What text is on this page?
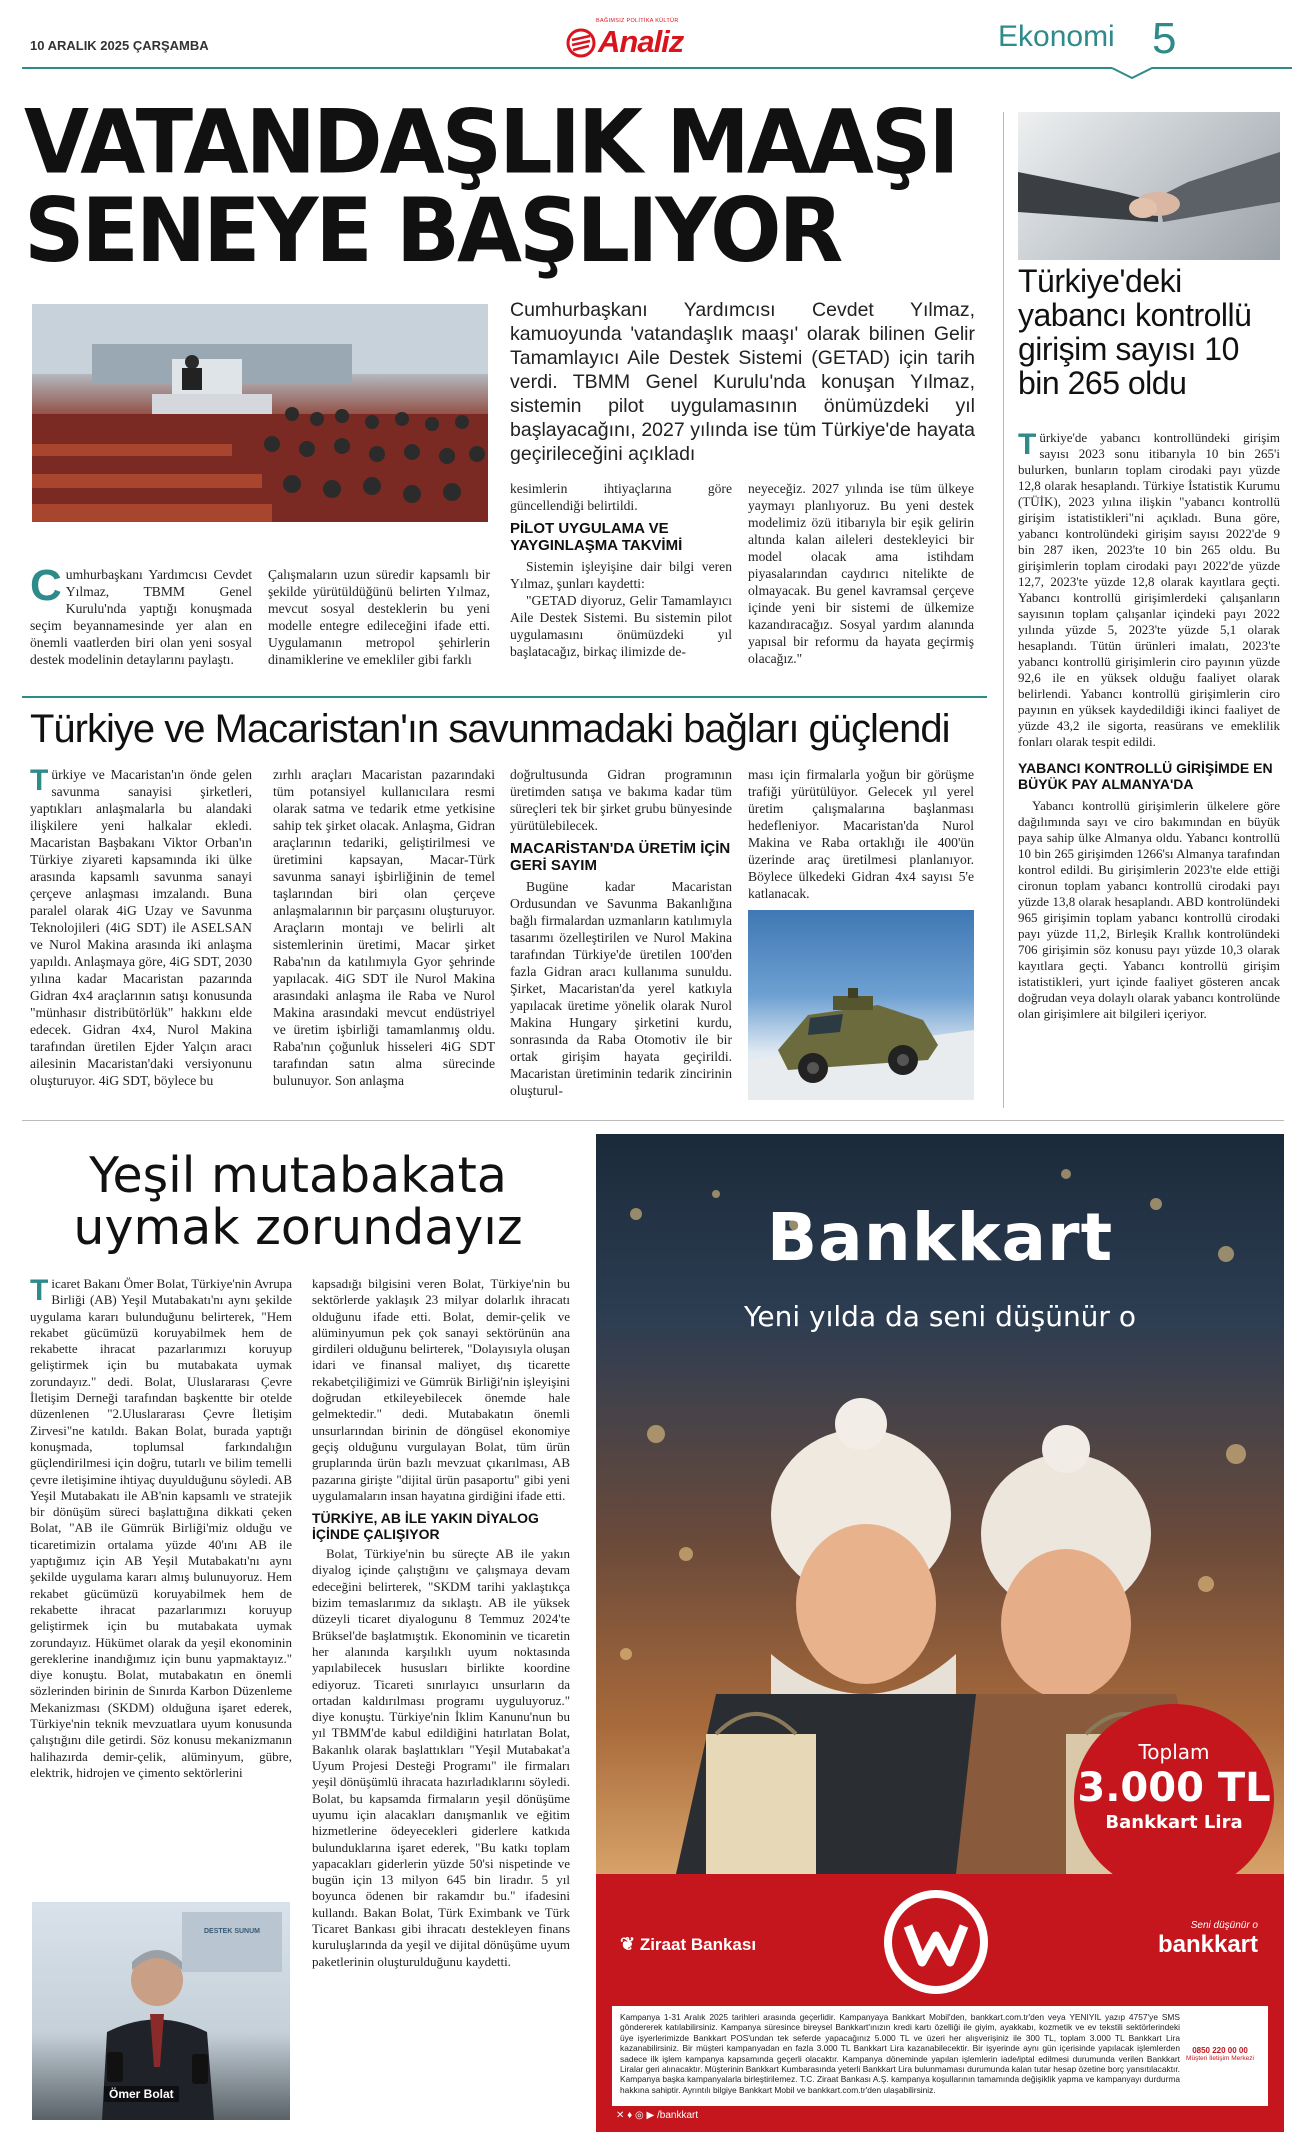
10 ARALIK 2025 ÇARŞAMBA
BAĞIMSIZ POLİTİKA KÜLTÜR
Analiz	Ekonomi 5
VATANDAŞLIK MAAŞI
SENEYE BAŞLIYOR
Cumhurbaşkanı Yardımcısı Cevdet Yılmaz, kamuoyunda 'vatandaşlık maaşı' olarak bilinen Gelir Tamamlayıcı Aile Destek Sistemi (GETAD) için tarih verdi. TBMM Genel Kurulu'nda konuşan Yılmaz, sistemin pilot uygulamasının önümüzdeki yıl başlayacağını, 2027 yılında ise tüm Türkiye'de hayata geçirileceğini açıkladı
C umhurbaşkanı Yardımcısı Cevdet Yılmaz, TBMM Genel Kurulu'nda yaptığı konuşmada seçim beyannamesinde yer alan en önemli vaatlerden biri olan yeni sosyal destek modelinin detaylarını paylaştı.
Çalışmaların uzun süredir kapsamlı bir şekilde yürütüldüğünü belirten Yılmaz, mevcut sosyal desteklerin bu yeni modelle entegre edileceğini ifade etti. Uygulamanın metropol şehirlerin dinamiklerine ve emekliler gibi farklı

kesimlerin ihtiyaçlarına göre güncellendiği belirtildi.

PİLOT UYGULAMA VE YAYGINLAŞMA TAKVİMİ

Sistemin işleyişine dair bilgi veren Yılmaz, şunları kaydetti:

"GETAD diyoruz, Gelir Tamamlayıcı Aile Destek Sistemi. Bu sistemin pilot uygulamasını önümüzdeki yıl başlatacağız, birkaç ilimizde de-

neyeceğiz. 2027 yılında ise tüm ülkeye yaymayı planlıyoruz. Bu yeni destek modelimiz özü itibarıyla bir eşik gelirin altında kalan aileleri destekleyici bir model olacak ama istihdam piyasalarından caydırıcı nitelikte de olmayacak. Bu genel kavramsal çerçeve içinde yeni bir sistemi de ülkemize kazandıracağız. Sosyal yardım alanında yapısal bir reformu da hayata geçirmiş olacağız."
Türkiye'deki yabancı kontrollü girişim sayısı 10 bin 265 oldu
T ürkiye'de yabancı kontrollündeki girişim sayısı 2023 sonu itibarıyla 10 bin 265'i bulurken, bunların toplam cirodaki payı yüzde 12,8 olarak hesaplandı. Türkiye İstatistik Kurumu (TÜİK), 2023 yılına ilişkin "yabancı kontrollü girişim istatistikleri"ni açıkladı. Buna göre, yabancı kontrolündeki girişim sayısı 2022'de 9 bin 287 iken, 2023'te 10 bin 265 oldu. Bu girişimlerin toplam cirodaki payı 2022'de yüzde 12,7, 2023'te yüzde 12,8 olarak kayıtlara geçti. Yabancı kontrollü girişimlerdeki çalışanların sayısının toplam çalışanlar içindeki payı 2022 yılında yüzde 5, 2023'te yüzde 5,1 olarak hesaplandı. Tütün ürünleri imalatı, 2023'te yabancı kontrollü girişimlerin ciro payının yüzde 92,6 ile en yüksek olduğu faaliyet olarak belirlendi. Yabancı kontrollü girişimlerin ciro payının en yüksek kaydedildiği ikinci faaliyet de yüzde 43,2 ile sigorta, reasürans ve emeklilik fonları olarak tespit edildi.
YABANCI KONTROLLÜ GİRİŞİMDE EN BÜYÜK PAY ALMANYA'DA

Yabancı kontrollü girişimlerin ülkelere göre dağılımında sayı ve ciro bakımından en büyük paya sahip ülke Almanya oldu. Yabancı kontrollü 10 bin 265 girişimden 1266'sı Almanya tarafından kontrol edildi. Bu girişimlerin 2023'te elde ettiği cironun toplam yabancı kontrollü cirodaki payı yüzde 13,8 olarak hesaplandı. ABD kontrolündeki 965 girişimin toplam yabancı kontrollü cirodaki payı yüzde 11,2, Birleşik Krallık kontrolündeki 706 girişimin söz konusu payı yüzde 10,3 olarak kayıtlara geçti. Yabancı kontrollü girişim istatistikleri, yurt içinde faaliyet gösteren ancak doğrudan veya dolaylı olarak yabancı kontrolünde olan girişimlere ait bilgileri içeriyor.

Türkiye ve Macaristan'ın savunmadaki bağları güçlendi
T ürkiye ve Macaristan'ın önde gelen savunma sanayisi şirketleri, yaptıkları anlaşmalarla bu alandaki ilişkilere yeni halkalar ekledi. Macaristan Başbakanı Viktor Orban'ın Türkiye ziyareti kapsamında iki ülke arasında kapsamlı savunma sanayi çerçeve anlaşması imzalandı. Buna paralel olarak 4iG Uzay ve Savunma Teknolojileri (4iG SDT) ile ASELSAN ve Nurol Makina arasında iki anlaşma yapıldı. Anlaşmaya göre, 4iG SDT, 2030 yılına kadar Macaristan pazarında Gidran 4x4 araçlarının satışı konusunda "münhasır distribütörlük" hakkını elde edecek. Gidran 4x4, Nurol Makina tarafından üretilen Ejder Yalçın aracı ailesinin Macaristan'daki versiyonunu oluşturuyor. 4iG SDT, böylece bu
zırhlı araçları Macaristan pazarındaki tüm potansiyel kullanıcılara resmi olarak satma ve tedarik etme yetkisine sahip tek şirket olacak. Anlaşma, Gidran araçlarının tedariki, geliştirilmesi ve üretimini kapsayan, Macar-Türk savunma sanayi işbirliğinin de temel taşlarından biri olan çerçeve anlaşmalarının bir parçasını oluşturuyor. Araçların montajı ve belirli alt sistemlerinin üretimi, Macar şirket Raba'nın da katılımıyla Gyor şehrinde yapılacak. 4iG SDT ile Nurol Makina arasındaki anlaşma ile Raba ve Nurol Makina arasındaki mevcut endüstriyel ve üretim işbirliği tamamlanmış oldu. Raba'nın çoğunluk hisseleri 4iG SDT tarafından satın alma sürecinde bulunuyor. Son anlaşma

doğrultusunda Gidran programının üretimden satışa ve bakıma kadar tüm süreçleri tek bir şirket grubu bünyesinde yürütülebilecek.

MACARİSTAN'DA ÜRETİM İÇİN GERİ SAYIM

Bugüne kadar Macaristan Ordusundan ve Savunma Bakanlığına bağlı firmalardan uzmanların katılımıyla tasarımı özelleştirilen ve Nurol Makina tarafından Türkiye'de üretilen 100'den fazla Gidran aracı kullanıma sunuldu. Şirket, Macaristan'da yerel katkıyla yapılacak üretime yönelik olarak Nurol Makina Hungary şirketini kurdu, sonrasında da Raba Otomotiv ile bir ortak girişim hayata geçirildi. Macaristan üretiminin tedarik zincirinin oluşturul-

ması için firmalarla yoğun bir görüşme trafiği yürütülüyor. Gelecek yıl yerel üretim çalışmalarına başlanması hedefleniyor. Macaristan'da Nurol Makina ve Raba ortaklığı ile 400'ün üzerinde araç üretilmesi planlanıyor. Böylece ülkedeki Gidran 4x4 sayısı 5'e katlanacak.
Yeşil mutabakata
uymak zorundayız
T icaret Bakanı Ömer Bolat, Türkiye'nin Avrupa Birliği (AB) Yeşil Mutabakatı'nı aynı şekilde uygulama kararı bulunduğunu belirterek, "Hem rekabet gücümüzü koruyabilmek hem de rekabette ihracat pazarlarımızı koruyup geliştirmek için bu mutabakata uymak zorundayız." dedi. Bolat, Uluslararası Çevre İletişim Derneği tarafından başkentte bir otelde düzenlenen "2.Uluslararası Çevre İletişim Zirvesi"ne katıldı. Bakan Bolat, burada yaptığı konuşmada, toplumsal farkındalığın güçlendirilmesi için doğru, tutarlı ve bilim temelli çevre iletişimine ihtiyaç duyulduğunu söyledi. AB Yeşil Mutabakatı ile AB'nin kapsamlı ve stratejik bir dönüşüm süreci başlattığına dikkati çeken Bolat, "AB ile Gümrük Birliği'miz olduğu ve ticaretimizin ortalama yüzde 40'ını AB ile yaptığımız için AB Yeşil Mutabakatı'nı aynı şekilde uygulama kararı almış bulunuyoruz. Hem rekabet gücümüzü koruyabilmek hem de rekabette ihracat pazarlarımızı koruyup geliştirmek için bu mutabakata uymak zorundayız. Hükümet olarak da yeşil ekonominin gereklerine inandığımız için bunu yapmaktayız." diye konuştu. Bolat, mutabakatın en önemli sözlerinden birinin de Sınırda Karbon Düzenleme Mekanizması (SKDM) olduğuna işaret ederek, Türkiye'nin teknik mevzuatlara uyum konusunda çalıştığını dile getirdi. Söz konusu mekanizmanın halihazırda demir-çelik, alüminyum, gübre, elektrik, hidrojen ve çimento sektörlerini

kapsadığı bilgisini veren Bolat, Türkiye'nin bu sektörlerde yaklaşık 23 milyar dolarlık ihracatı olduğunu ifade etti. Bolat, demir-çelik ve alüminyumun pek çok sanayi sektörünün ana girdileri olduğunu belirterek, "Dolayısıyla oluşan idari ve finansal maliyet, dış ticarette rekabetçiliğimizi ve Gümrük Birliği'nin işleyişini doğrudan etkileyebilecek önemde hale gelmektedir." dedi. Mutabakatın önemli unsurlarından birinin de döngüsel ekonomiye geçiş olduğunu vurgulayan Bolat, tüm ürün gruplarında ürün bazlı mevzuat çıkarılması, AB pazarına girişte "dijital ürün pasaportu" gibi yeni uygulamaların insan hayatına girdiğini ifade etti.

TÜRKİYE, AB İLE YAKIN DİYALOG İÇİNDE ÇALIŞIYOR

Bolat, Türkiye'nin bu süreçte AB ile yakın diyalog içinde çalıştığını ve çalışmaya devam edeceğini belirterek, "SKDM tarihi yaklaştıkça bizim temaslarımız da sıklaştı. AB ile yüksek düzeyli ticaret diyalogunu 8 Temmuz 2024'te Brüksel'de başlatmıştık. Ekonominin ve ticaretin her alanında karşılıklı uyum noktasında yapılabilecek hususları birlikte koordine ediyoruz. Ticareti sınırlayıcı unsurların da ortadan kaldırılması programı uyguluyoruz." diye konuştu. Türkiye'nin İklim Kanunu'nun bu yıl TBMM'de kabul edildiğini hatırlatan Bolat, Bakanlık olarak başlattıkları "Yeşil Mutabakat'a Uyum Projesi Desteği Programı" ile firmaları yeşil dönüşümlü ihracata hazırladıklarını söyledi. Bolat, bu kapsamda firmaların yeşil dönüşüme uyumu için alacakları danışmanlık ve eğitim hizmetlerine ödeyecekleri giderlere katkıda bulunduklarına işaret ederek, "Bu katkı toplam yapacakları giderlerin yüzde 50'si nispetinde ve bugün için 13 milyon 645 bin liradır. 5 yıl boyunca ödenen bir rakamdır bu." ifadesini kullandı. Bakan Bolat, Türk Eximbank ve Türk Ticaret Bankası gibi ihracatı destekleyen finans kuruluşlarında da yeşil ve dijital dönüşüme uyum paketlerinin oluşturulduğunu kaydetti.

DESTEK SUNUM
Ömer Bolat
Bankkart
Yeni yılda da seni düşünür o
Toplam
3.000 TL
Bankkart Lira
❦ Ziraat Bankası
Seni düşünür o
bankkart
Kampanya 1-31 Aralık 2025 tarihleri arasında geçerlidir. Kampanyaya Bankkart Mobil'den, bankkart.com.tr'den veya YENIYIL yazıp 4757'ye SMS göndererek katılabilirsiniz. Kampanya süresince bireysel Bankkart'ınızın kredi kartı özelliği ile giyim, ayakkabı, kozmetik ve ev tekstili sektörlerindeki üye işyerlerimizde Bankkart POS'undan tek seferde yapacağınız 5.000 TL ve üzeri her alışverişiniz ile 300 TL, toplam 3.000 TL Bankkart Lira kazanabilirsiniz. Bir müşteri kampanyadan en fazla 3.000 TL Bankkart Lira kazanabilecektir. Bir işyerinde aynı gün içerisinde yapılacak işlemlerden sadece ilk işlem kampanya kapsamında geçerli olacaktır. Kampanya döneminde yapılan işlemlerin iade/iptal edilmesi durumunda verilen Bankkart Liralar geri alınacaktır. Müşterinin Bankkart Kumbarasında yeterli Bankkart Lira bulunmaması durumunda kalan tutar hesap özetine borç yansıtılacaktır. Kampanya başka kampanyalarla birleştirilemez. T.C. Ziraat Bankası A.Ş. kampanya koşullarının tamamında değişiklik yapma ve kampanyayı durdurma hakkına sahiptir. Ayrıntılı bilgiye Bankkart Mobil ve bankkart.com.tr'den ulaşabilirsiniz.
0850 220 00 00
Müşteri İletişim Merkezi
✕ ♦ ◎ ▶ /bankkart
